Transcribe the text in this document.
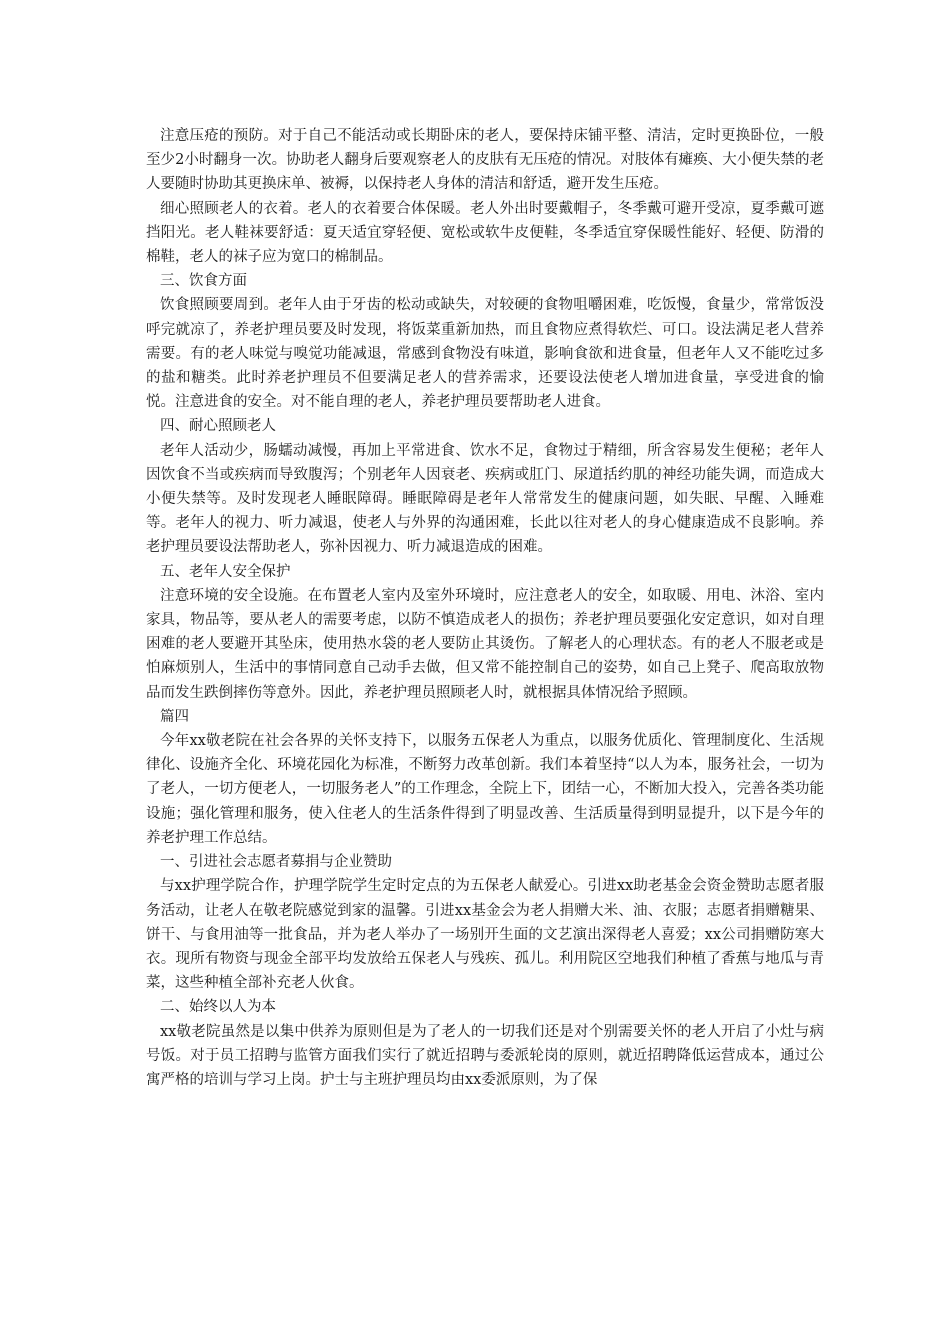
注意压疮的预防。对于自己不能活动或长期卧床的老人，要保持床铺平整、清洁，定时更换卧位，一般至少2小时翻身一次。协助老人翻身后要观察老人的皮肤有无压疮的情况。对肢体有瘫痪、大小便失禁的老人要随时协助其更换床单、被褥，以保持老人身体的清洁和舒适，避开发生压疮。

细心照顾老人的衣着。老人的衣着要合体保暖。老人外出时要戴帽子，冬季戴可避开受凉，夏季戴可遮挡阳光。老人鞋袜要舒适：夏天适宜穿轻便、宽松或软牛皮便鞋，冬季适宜穿保暖性能好、轻便、防滑的棉鞋，老人的袜子应为宽口的棉制品。

三、饮食方面

饮食照顾要周到。老年人由于牙齿的松动或缺失，对较硬的食物咀嚼困难，吃饭慢，食量少，常常饭没呼完就凉了，养老护理员要及时发现，将饭菜重新加热，而且食物应煮得软烂、可口。设法满足老人营养需要。有的老人味觉与嗅觉功能减退，常感到食物没有味道，影响食欲和进食量，但老年人又不能吃过多的盐和糖类。此时养老护理员不但要满足老人的营养需求，还要设法使老人增加进食量，享受进食的愉悦。注意进食的安全。对不能自理的老人，养老护理员要帮助老人进食。

四、耐心照顾老人

老年人活动少，肠蠕动减慢，再加上平常进食、饮水不足，食物过于精细，所含容易发生便秘；老年人因饮食不当或疾病而导致腹泻；个别老年人因衰老、疾病或肛门、尿道括约肌的神经功能失调，而造成大小便失禁等。及时发现老人睡眠障碍。睡眠障碍是老年人常常发生的健康问题，如失眠、早醒、入睡难等。老年人的视力、听力减退，使老人与外界的沟通困难，长此以往对老人的身心健康造成不良影响。养老护理员要设法帮助老人，弥补因视力、听力减退造成的困难。

五、老年人安全保护

注意环境的安全设施。在布置老人室内及室外环境时，应注意老人的安全，如取暖、用电、沐浴、室内家具，物品等，要从老人的需要考虑，以防不慎造成老人的损伤；养老护理员要强化安定意识，如对自理困难的老人要避开其坠床，使用热水袋的老人要防止其烫伤。了解老人的心理状态。有的老人不服老或是怕麻烦别人，生活中的事情同意自己动手去做，但又常不能控制自己的姿势，如自己上凳子、爬高取放物品而发生跌倒摔伤等意外。因此，养老护理员照顾老人时，就根据具体情况给予照顾。

篇四

今年xx敬老院在社会各界的关怀支持下，以服务五保老人为重点，以服务优质化、管理制度化、生活规律化、设施齐全化、环境花园化为标准，不断努力改革创新。我们本着坚持“以人为本，服务社会，一切为了老人，一切方便老人，一切服务老人”的工作理念，全院上下，团结一心，不断加大投入，完善各类功能设施；强化管理和服务，使入住老人的生活条件得到了明显改善、生活质量得到明显提升，以下是今年的养老护理工作总结。

一、引进社会志愿者募捐与企业赞助

与xx护理学院合作，护理学院学生定时定点的为五保老人献爱心。引进xx助老基金会资金赞助志愿者服务活动，让老人在敬老院感觉到家的温馨。引进xx基金会为老人捐赠大米、油、衣服；志愿者捐赠糖果、饼干、与食用油等一批食品，并为老人举办了一场别开生面的文艺演出深得老人喜爱；xx公司捐赠防寒大衣。现所有物资与现金全部平均发放给五保老人与残疾、孤儿。利用院区空地我们种植了香蕉与地瓜与青菜，这些种植全部补充老人伙食。

二、始终以人为本

xx敬老院虽然是以集中供养为原则但是为了老人的一切我们还是对个别需要关怀的老人开启了小灶与病号饭。对于员工招聘与监管方面我们实行了就近招聘与委派轮岗的原则，就近招聘降低运营成本，通过公寓严格的培训与学习上岗。护士与主班护理员均由xx委派原则，为了保
